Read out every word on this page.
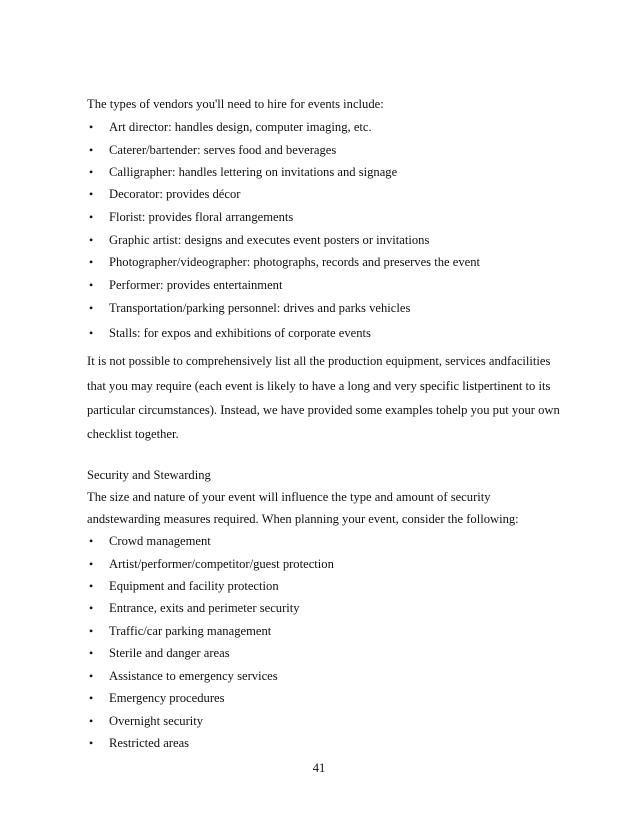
The types of vendors you'll need to hire for events include:
• Art director: handles design, computer imaging, etc.
• Caterer/bartender: serves food and beverages
• Calligrapher: handles lettering on invitations and signage
• Decorator: provides décor
• Florist: provides floral arrangements
• Graphic artist: designs and executes event posters or invitations
• Photographer/videographer: photographs, records and preserves the event
• Performer: provides entertainment
• Transportation/parking personnel: drives and parks vehicles
• Stalls: for expos and exhibitions of corporate events
It is not possible to comprehensively list all the production equipment, services andfacilities
that you may require (each event is likely to have a long and very specific listpertinent to its
particular circumstances). Instead, we have provided some examples tohelp you put your own
checklist together.
Security and Stewarding
The size and nature of your event will influence the type and amount of security
andstewarding measures required. When planning your event, consider the following:
• Crowd management
• Artist/performer/competitor/guest protection
• Equipment and facility protection
• Entrance, exits and perimeter security
• Traffic/car parking management
• Sterile and danger areas
• Assistance to emergency services
• Emergency procedures
• Overnight security
• Restricted areas
41
